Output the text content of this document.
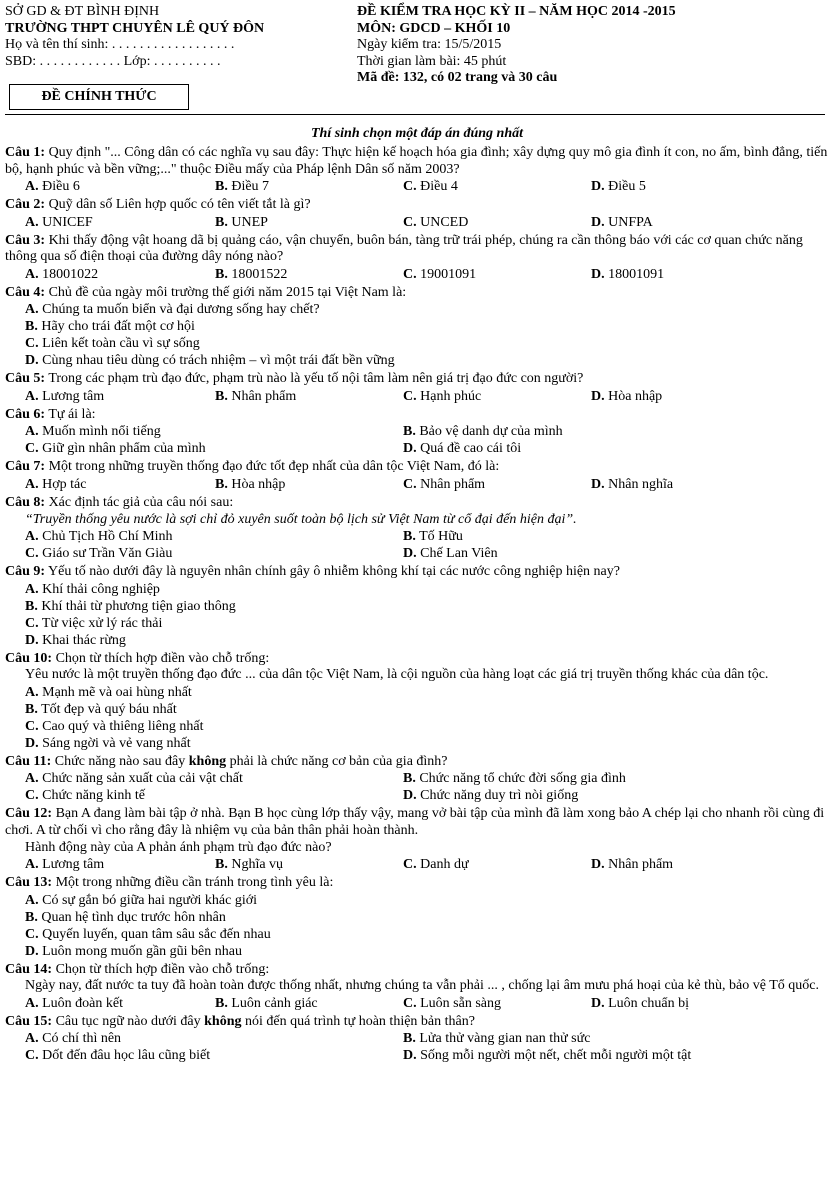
SỞ GD & ĐT BÌNH ĐỊNH
TRƯỜNG THPT CHUYÊN LÊ QUÝ ĐÔN
Họ và tên thí sinh: . . . . . . . . . . . . . . . . . .
SBD: . . . . . . . . . . . . Lớp: . . . . . . . . . .
ĐỀ CHÍNH THỨC
ĐỀ KIỂM TRA HỌC KỲ II – NĂM HỌC 2014 -2015
MÔN: GDCD – KHỐI 10
Ngày kiểm tra: 15/5/2015
Thời gian làm bài: 45 phút
Mã đề: 132, có 02 trang và 30 câu
Thí sinh chọn một đáp án đúng nhất
Câu 1: Quy định "... Công dân có các nghĩa vụ sau đây: Thực hiện kế hoạch hóa gia đình; xây dựng quy mô gia đình ít con, no ấm, bình đẳng, tiến bộ, hạnh phúc và bền vững;..." thuộc Điều mấy của Pháp lệnh Dân số năm 2003?
A. Điều 6	B. Điều 7	C. Điều 4	D. Điều 5
Câu 2: Quỹ dân số Liên hợp quốc có tên viết tắt là gì?
A. UNICEF	B. UNEP	C. UNCED	D. UNFPA
Câu 3: Khi thấy động vật hoang dã bị quảng cáo, vận chuyển, buôn bán, tàng trữ trái phép, chúng ra cần thông báo với các cơ quan chức năng thông qua số điện thoại của đường dây nóng nào?
A. 18001022	B. 18001522	C. 19001091	D. 18001091
Câu 4: Chủ đề của ngày môi trường thế giới năm 2015 tại Việt Nam là:
A. Chúng ta muốn biển và đại dương sống hay chết?
B. Hãy cho trái đất một cơ hội
C. Liên kết toàn cầu vì sự sống
D. Cùng nhau tiêu dùng có trách nhiệm – vì một trái đất bền vững
Câu 5: Trong các phạm trù đạo đức, phạm trù nào là yếu tố nội tâm làm nên giá trị đạo đức con người?
A. Lương tâm	B. Nhân phẩm	C. Hạnh phúc	D. Hòa nhập
Câu 6: Tự ái là:
A. Muốn mình nổi tiếng	B. Bảo vệ danh dự của mình
C. Giữ gìn nhân phẩm của mình	D. Quá đề cao cái tôi
Câu 7: Một trong những truyền thống đạo đức tốt đẹp nhất của dân tộc Việt Nam, đó là:
A. Hợp tác	B. Hòa nhập	C. Nhân phẩm	D. Nhân nghĩa
Câu 8: Xác định tác giả của câu nói sau:
“Truyền thống yêu nước là sợi chỉ đỏ xuyên suốt toàn bộ lịch sử Việt Nam từ cổ đại đến hiện đại”.
A. Chủ Tịch Hồ Chí Minh	B. Tố Hữu
C. Giáo sư Trần Văn Giàu	D. Chế Lan Viên
Câu 9: Yếu tố nào dưới đây là nguyên nhân chính gây ô nhiễm không khí tại các nước công nghiệp hiện nay?
A. Khí thải công nghiệp
B. Khí thải từ phương tiện giao thông
C. Từ việc xử lý rác thải
D. Khai thác rừng
Câu 10: Chọn từ thích hợp điền vào chỗ trống:
Yêu nước là một truyền thống đạo đức ... của dân tộc Việt Nam, là cội nguồn của hàng loạt các giá trị truyền thống khác của dân tộc.
A. Mạnh mẽ và oai hùng nhất
B. Tốt đẹp và quý báu nhất
C. Cao quý và thiêng liêng nhất
D. Sáng ngời và vẻ vang nhất
Câu 11: Chức năng nào sau đây không phải là chức năng cơ bản của gia đình?
A. Chức năng sản xuất của cải vật chất	B. Chức năng tổ chức đời sống gia đình
C. Chức năng kinh tế	D. Chức năng duy trì nòi giống
Câu 12: Bạn A đang làm bài tập ở nhà. Bạn B học cùng lớp thấy vậy, mang vở bài tập của mình đã làm xong bảo A chép lại cho nhanh rồi cùng đi chơi. A từ chối vì cho rằng đây là nhiệm vụ của bản thân phải hoàn thành.
Hành động này của A phản ánh phạm trù đạo đức nào?
A. Lương tâm	B. Nghĩa vụ	C. Danh dự	D. Nhân phẩm
Câu 13: Một trong những điều cần tránh trong tình yêu là:
A. Có sự gắn bó giữa hai người khác giới
B. Quan hệ tình dục trước hôn nhân
C. Quyến luyến, quan tâm sâu sắc đến nhau
D. Luôn mong muốn gần gũi bên nhau
Câu 14: Chọn từ thích hợp điền vào chỗ trống:
Ngày nay, đất nước ta tuy đã hoàn toàn được thống nhất, nhưng chúng ta vẫn phải ... , chống lại âm mưu phá hoại của kẻ thù, bảo vệ Tổ quốc.
A. Luôn đoàn kết	B. Luôn cảnh giác	C. Luôn sẵn sàng	D. Luôn chuẩn bị
Câu 15: Câu tục ngữ nào dưới đây không nói đến quá trình tự hoàn thiện bản thân?
A. Có chí thì nên	B. Lửa thử vàng gian nan thử sức
C. Dốt đến đâu học lâu cũng biết	D. Sống mỗi người một nết, chết mỗi người một tật
